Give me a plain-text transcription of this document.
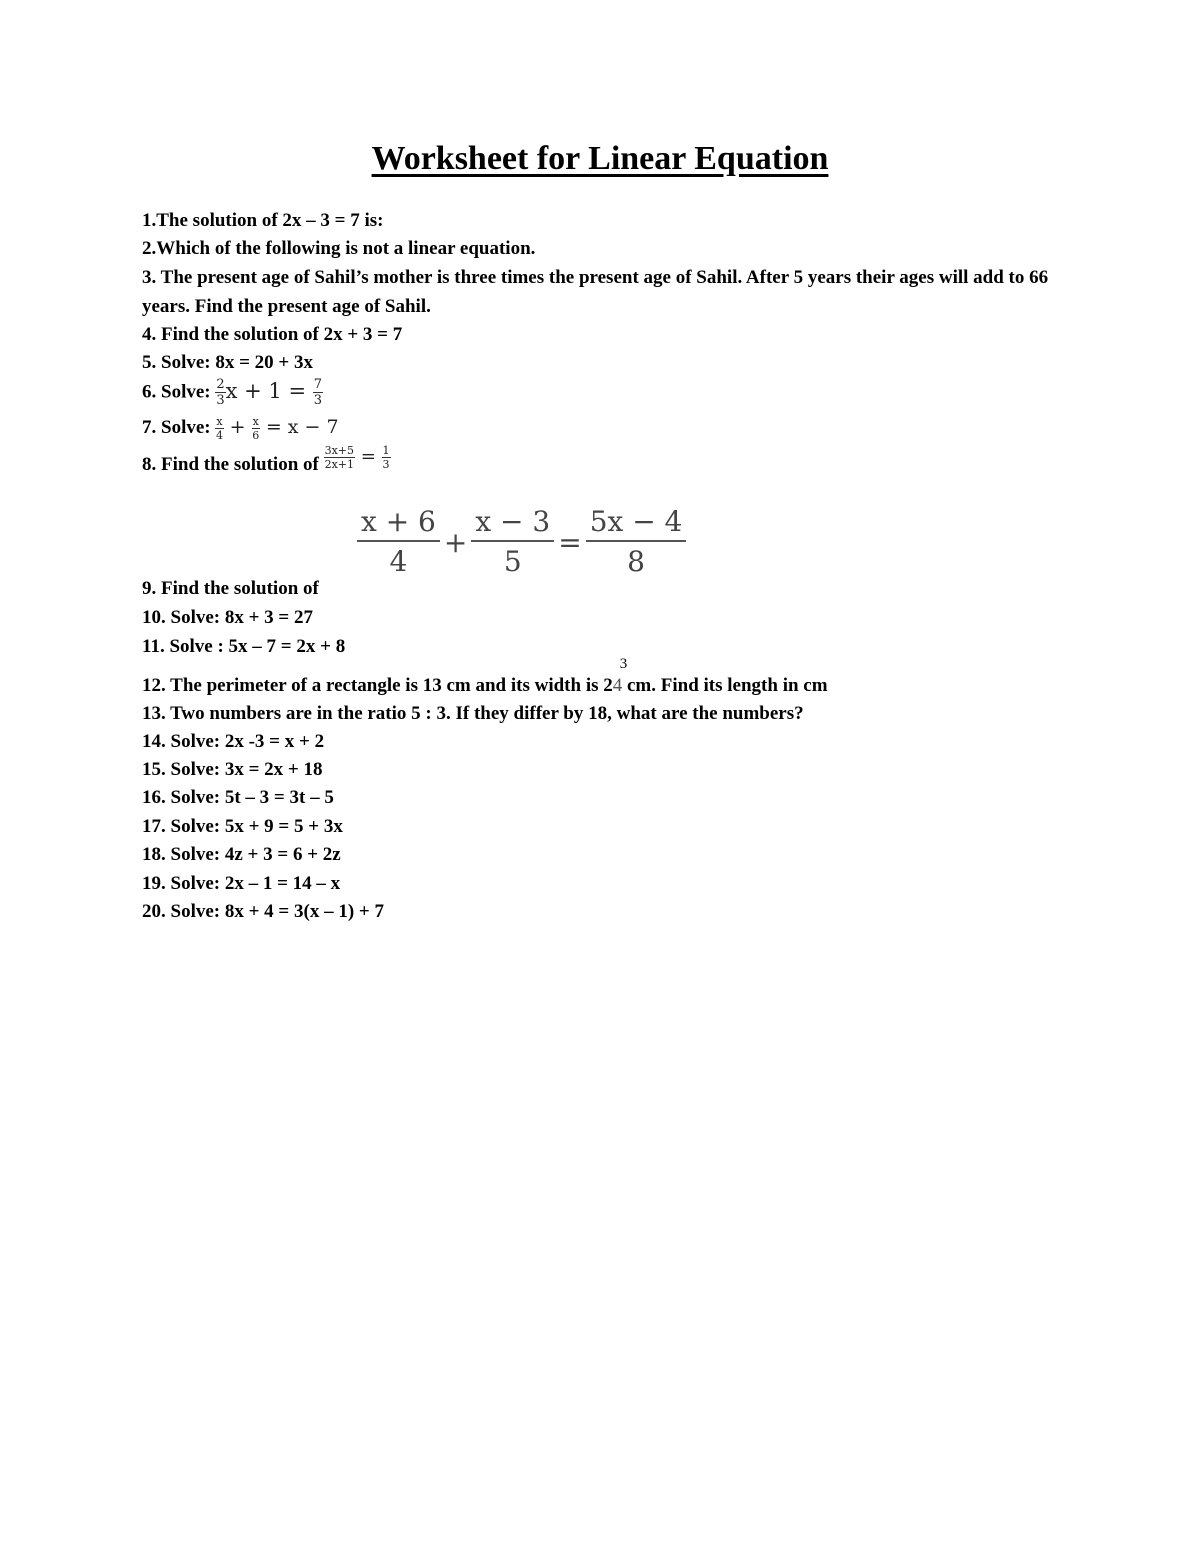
Worksheet for Linear Equation
1.The solution of 2x – 3 = 7 is:
2.Which of the following is not a linear equation.
3. The present age of Sahil’s mother is three times the present age of Sahil. After 5 years their ages will add to 66 years. Find the present age of Sahil.
4. Find the solution of 2x + 3 = 7
5. Solve: 8x = 20 + 3x
6. Solve: $\frac{2}{3}$ $x + 1 = \frac{7}{3}$
7. Solve: $\frac{x}{4} + \frac{x}{6} = x - 7$
8. Find the solution of $\frac{3x+5}{2x+1} = \frac{1}{3}$
$\frac{x + 6}{4} + \frac{x - 3}{5} = \frac{5x - 4}{8}$
9. Find the solution of
10. Solve: 8x + 3 = 27
11. Solve : 5x – 7 = 2x + 8
12. The perimeter of a rectangle is 13 cm and its width is 2
3
4 cm. Find its length in cm
13. Two numbers are in the ratio 5 : 3. If they differ by 18, what are the numbers?
14. Solve: 2x -3 = x + 2
15. Solve: 3x = 2x + 18
16. Solve: 5t – 3 = 3t – 5
17. Solve: 5x + 9 = 5 + 3x
18. Solve: 4z + 3 = 6 + 2z
19. Solve: 2x – 1 = 14 – x
20. Solve: 8x + 4 = 3(x – 1) + 7
